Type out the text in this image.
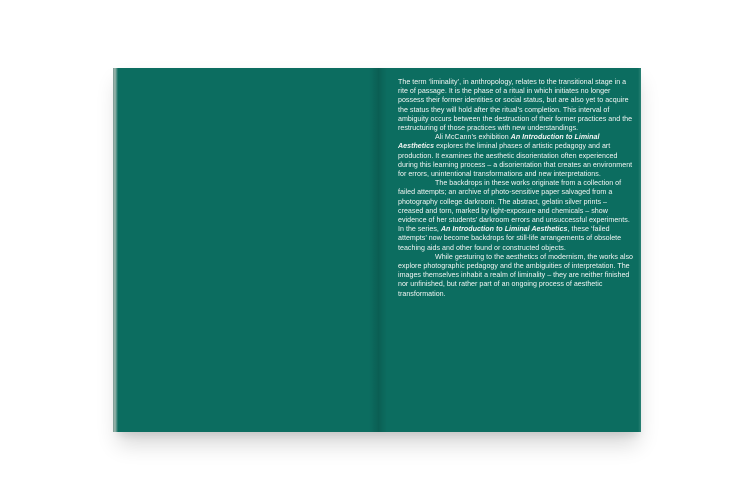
The term ‘liminality’, in anthropology, relates to the transitional stage in a rite of passage. It is the phase of a ritual in which initiates no longer possess their former identities or social status, but are also yet to acquire the status they will hold after the ritual’s completion. This interval of ambiguity occurs between the destruction of their former practices and the restructuring of those practices with new understandings.

Ali McCann’s exhibition An Introduction to Liminal Aesthetics explores the liminal phases of artistic pedagogy and art production. It examines the aesthetic disorientation often experienced during this learning process – a disorientation that creates an environment for errors, unintentional transformations and new interpretations.

The backdrops in these works originate from a collection of failed attempts; an archive of photo-sensitive paper salvaged from a photography college darkroom. The abstract, gelatin silver prints – creased and torn, marked by light-exposure and chemicals – show evidence of her students’ darkroom errors and unsuccessful experiments. In the series, An Introduction to Liminal Aesthetics, these ‘failed attempts’ now become backdrops for still-life arrangements of obsolete teaching aids and other found or constructed objects.

While gesturing to the aesthetics of modernism, the works also explore photographic pedagogy and the ambiguities of interpretation. The images themselves inhabit a realm of liminality – they are neither finished nor unfinished, but rather part of an ongoing process of aesthetic transformation.
